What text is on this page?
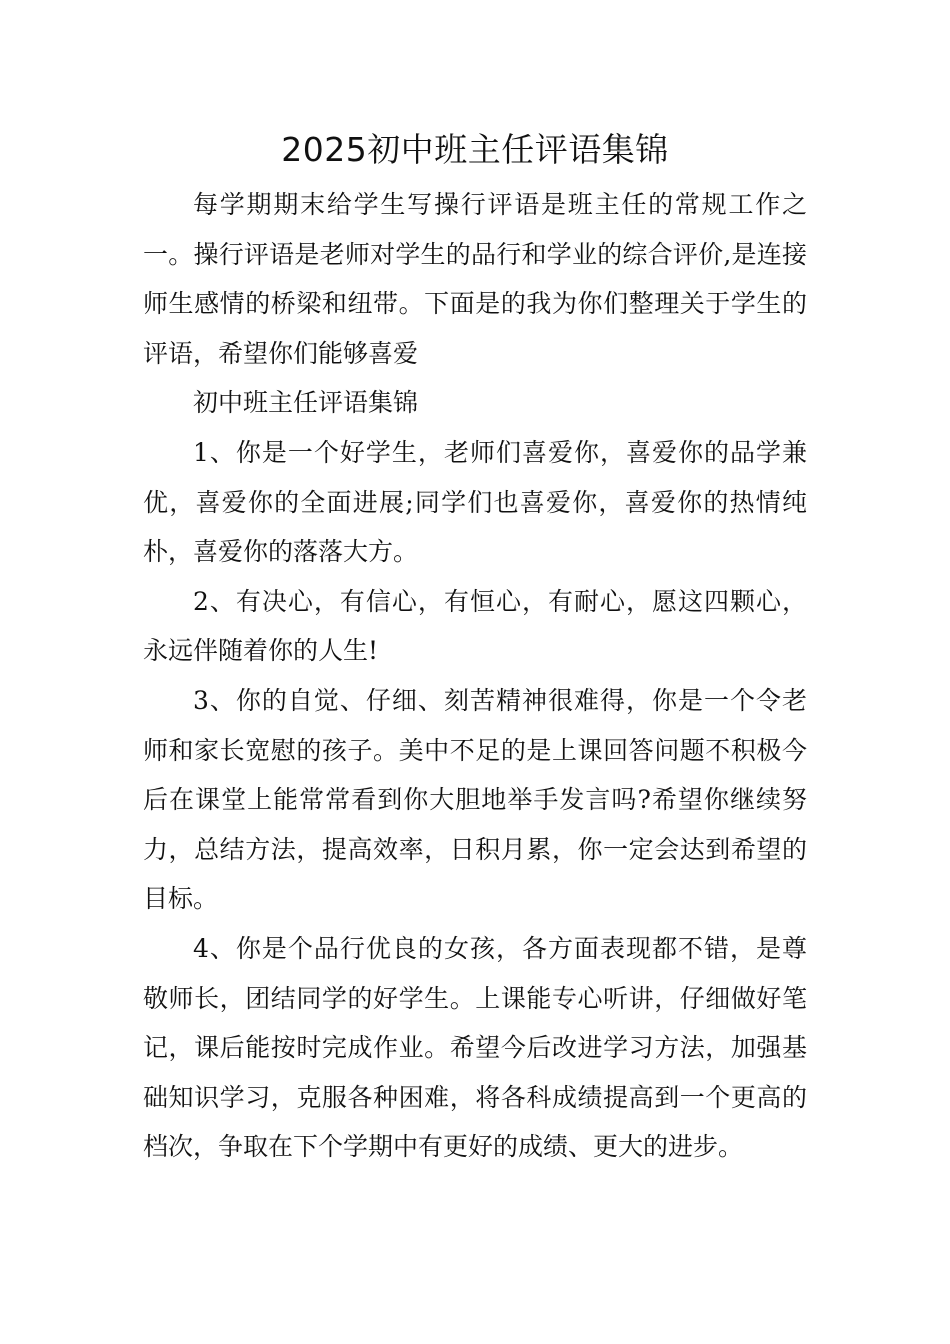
2025初中班主任评语集锦

每学期期末给学生写操行评语是班主任的常规工作之一。操行评语是老师对学生的品行和学业的综合评价,是连接师生感情的桥梁和纽带。下面是的我为你们整理关于学生的评语，希望你们能够喜爱

初中班主任评语集锦

1、你是一个好学生，老师们喜爱你，喜爱你的品学兼优，喜爱你的全面进展;同学们也喜爱你，喜爱你的热情纯朴，喜爱你的落落大方。

2、有决心，有信心，有恒心，有耐心，愿这四颗心，永远伴随着你的人生!

3、你的自觉、仔细、刻苦精神很难得，你是一个令老师和家长宽慰的孩子。美中不足的是上课回答问题不积极今后在课堂上能常常看到你大胆地举手发言吗?希望你继续努力，总结方法，提高效率，日积月累，你一定会达到希望的目标。

4、你是个品行优良的女孩，各方面表现都不错，是尊敬师长，团结同学的好学生。上课能专心听讲，仔细做好笔记，课后能按时完成作业。希望今后改进学习方法，加强基础知识学习，克服各种困难，将各科成绩提高到一个更高的档次，争取在下个学期中有更好的成绩、更大的进步。
